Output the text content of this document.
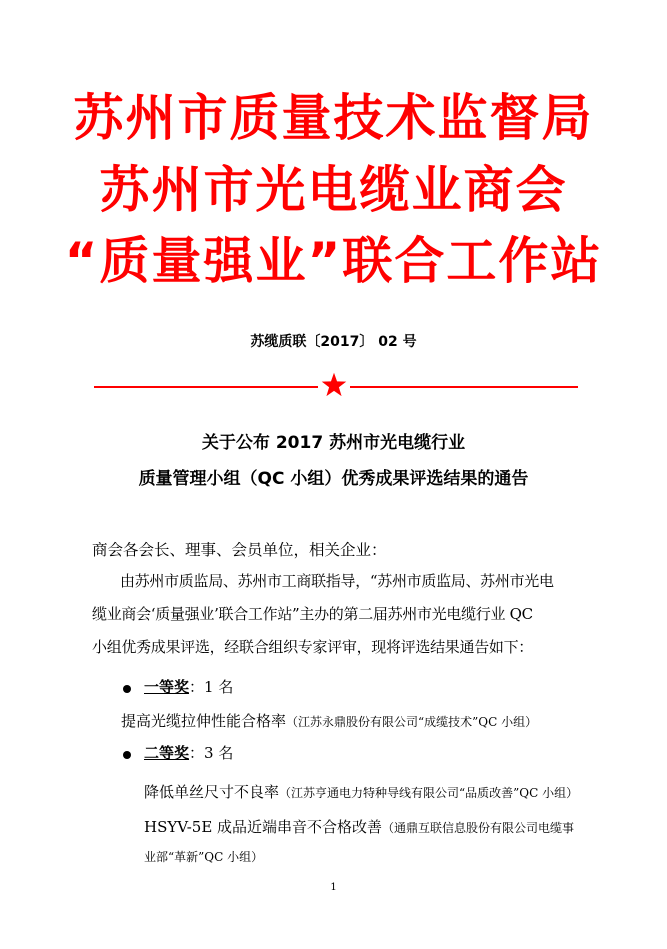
苏州市质量技术监督局
苏州市光电缆业商会
“质量强业”联合工作站
苏缆质联〔2017〕 02 号
关于公布 2017 苏州市光电缆行业
质量管理小组（QC 小组）优秀成果评选结果的通告
商会各会长、理事、会员单位，相关企业：
由苏州市质监局、苏州市工商联指导，“苏州市质监局、苏州市光电
缆业商会‘质量强业’联合工作站”主办的第二届苏州市光电缆行业 QC
小组优秀成果评选，经联合组织专家评审，现将评选结果通告如下：
一等奖：1 名
提高光缆拉伸性能合格率（江苏永鼎股份有限公司“成缆技术”QC 小组）
二等奖：3 名
降低单丝尺寸不良率（江苏亨通电力特种导线有限公司“品质改善”QC 小组）
HSYV-5E 成品近端串音不合格改善（通鼎互联信息股份有限公司电缆事
业部“革新”QC 小组）
1
